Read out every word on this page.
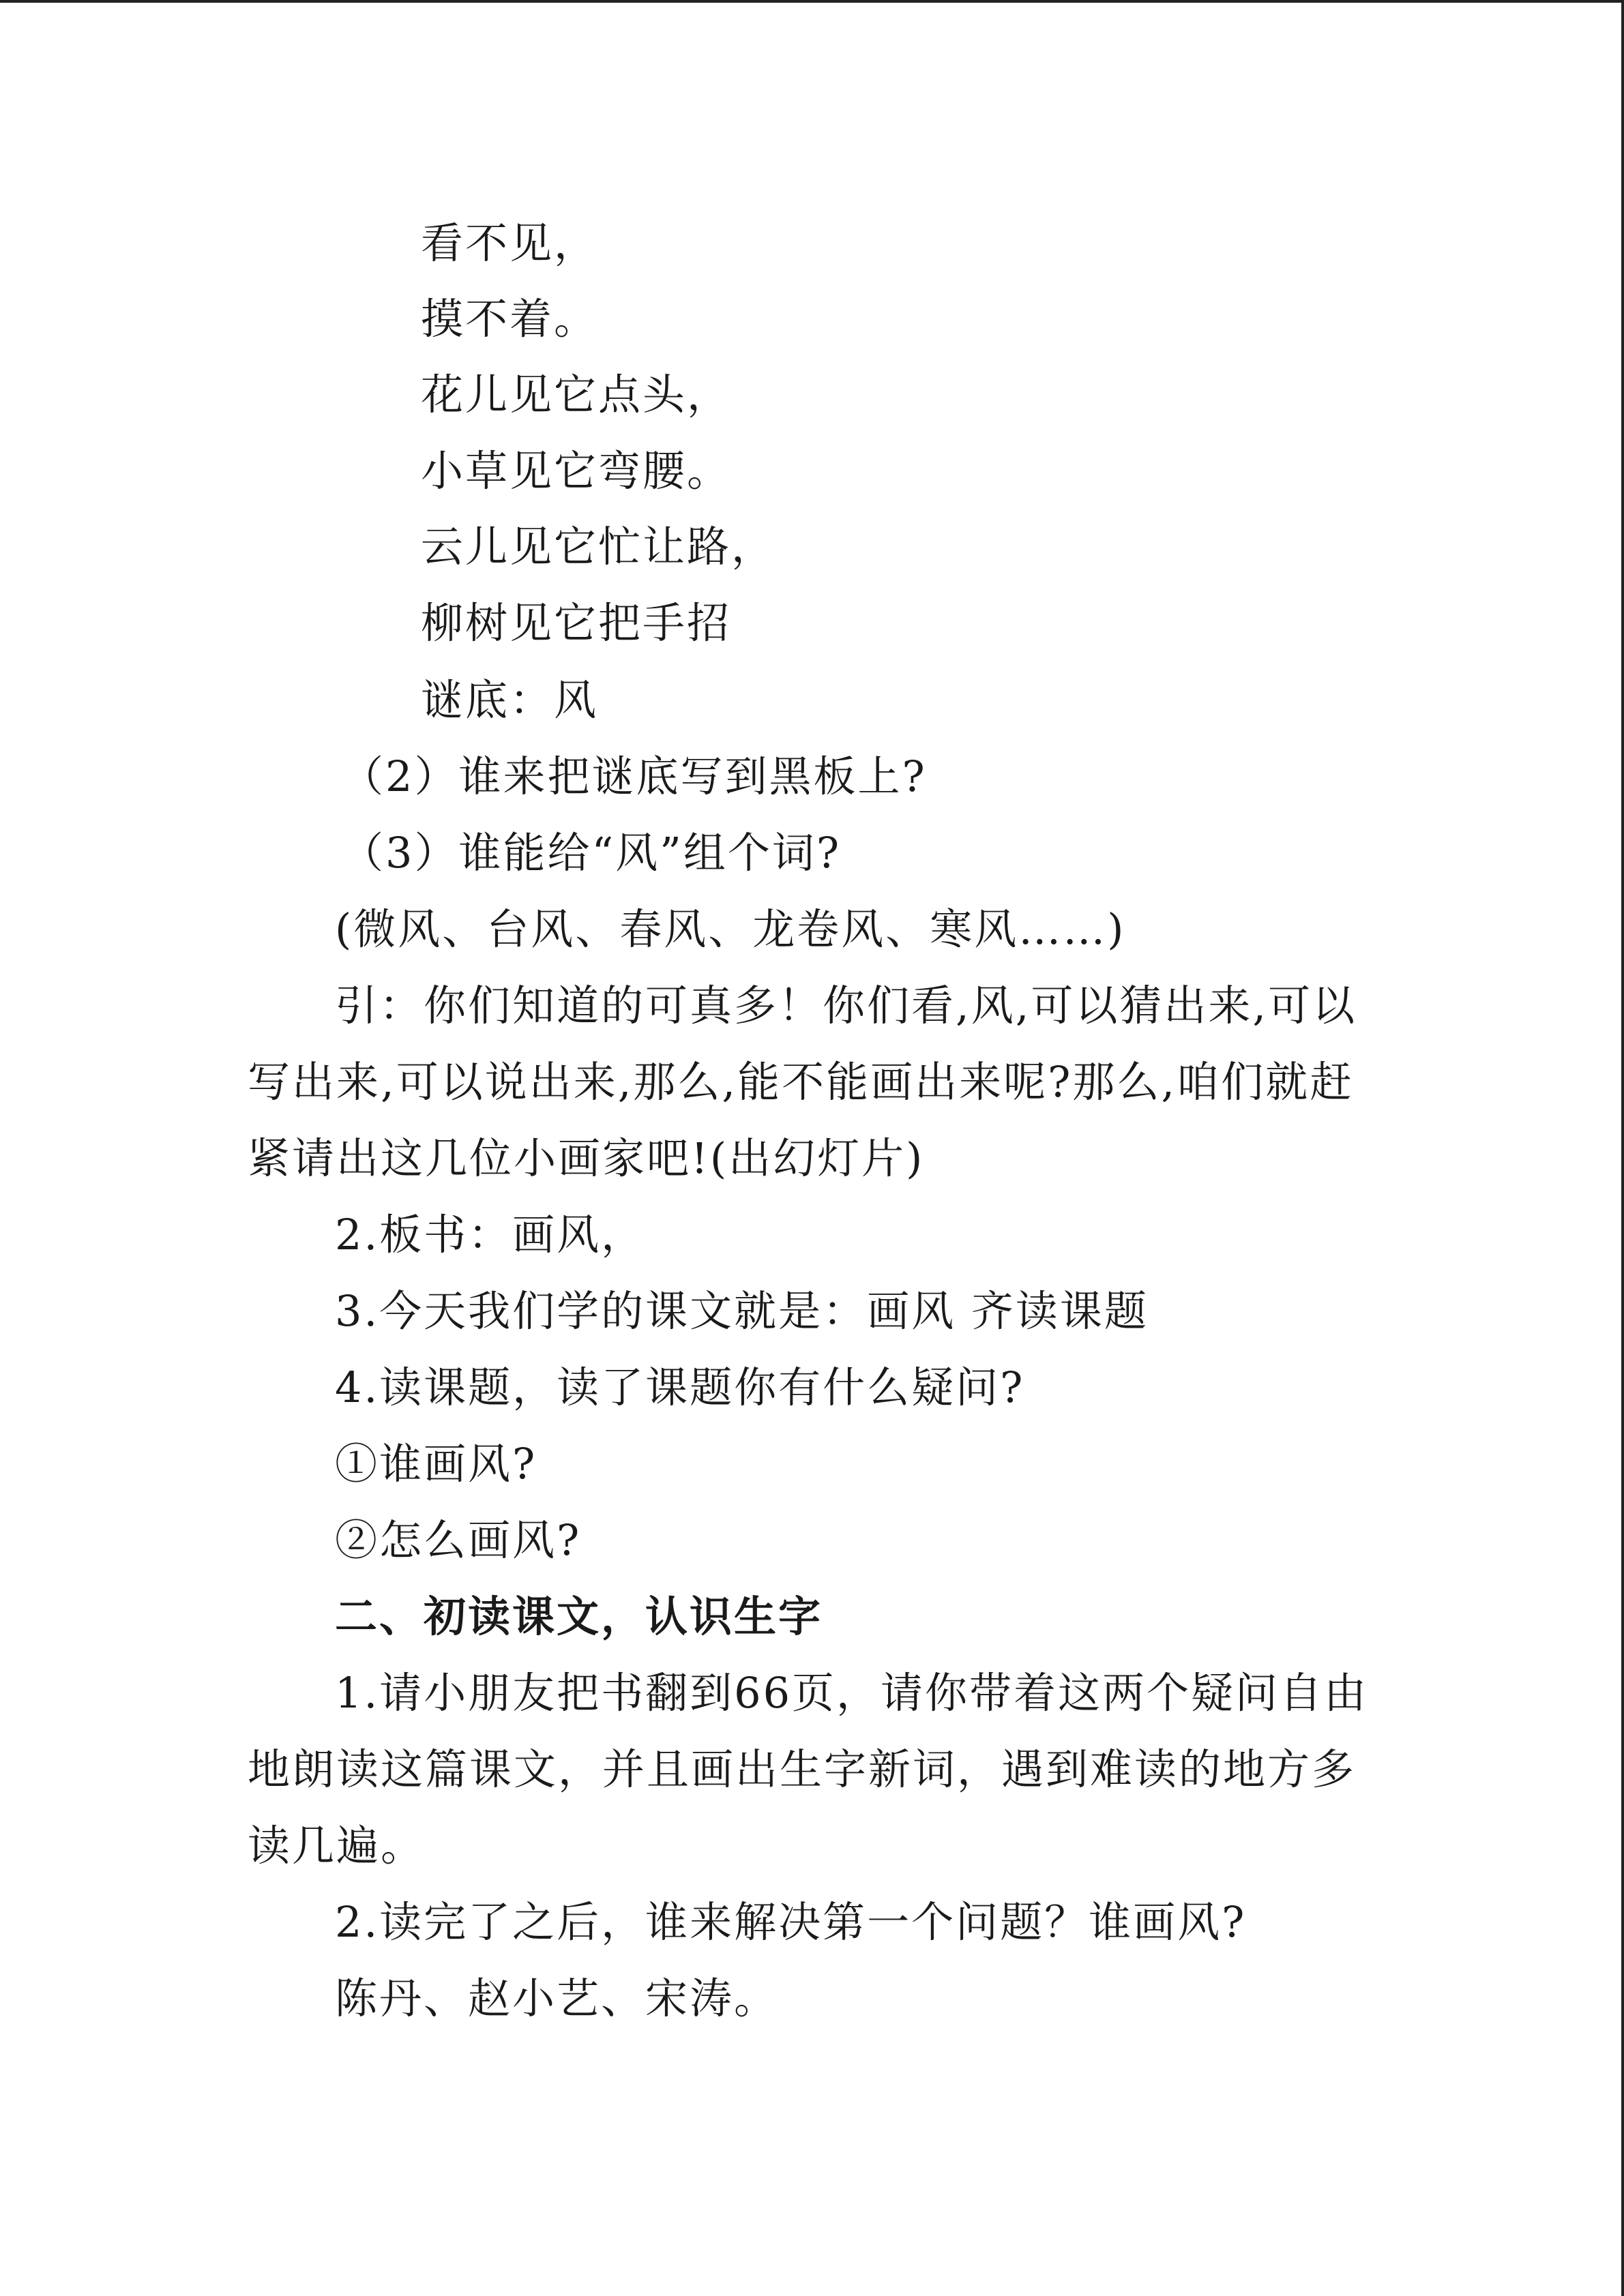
看不见，
摸不着。
花儿见它点头，
小草见它弯腰。
云儿见它忙让路，
柳树见它把手招
谜底：风
（2）谁来把谜底写到黑板上?
（3）谁能给“风”组个词?
(微风、台风、春风、龙卷风、寒风……)
引：你们知道的可真多！你们看,风,可以猜出来,可以
写出来,可以说出来,那么,能不能画出来呢?那么,咱们就赶
紧请出这几位小画家吧!(出幻灯片)
2.板书：画风，
3.今天我们学的课文就是：画风 齐读课题
4.读课题，读了课题你有什么疑问?
①谁画风?
②怎么画风?
二、初读课文，认识生字
1.请小朋友把书翻到66页，请你带着这两个疑问自由
地朗读这篇课文，并且画出生字新词，遇到难读的地方多
读几遍。
2.读完了之后，谁来解决第一个问题？谁画风?
陈丹、赵小艺、宋涛。
